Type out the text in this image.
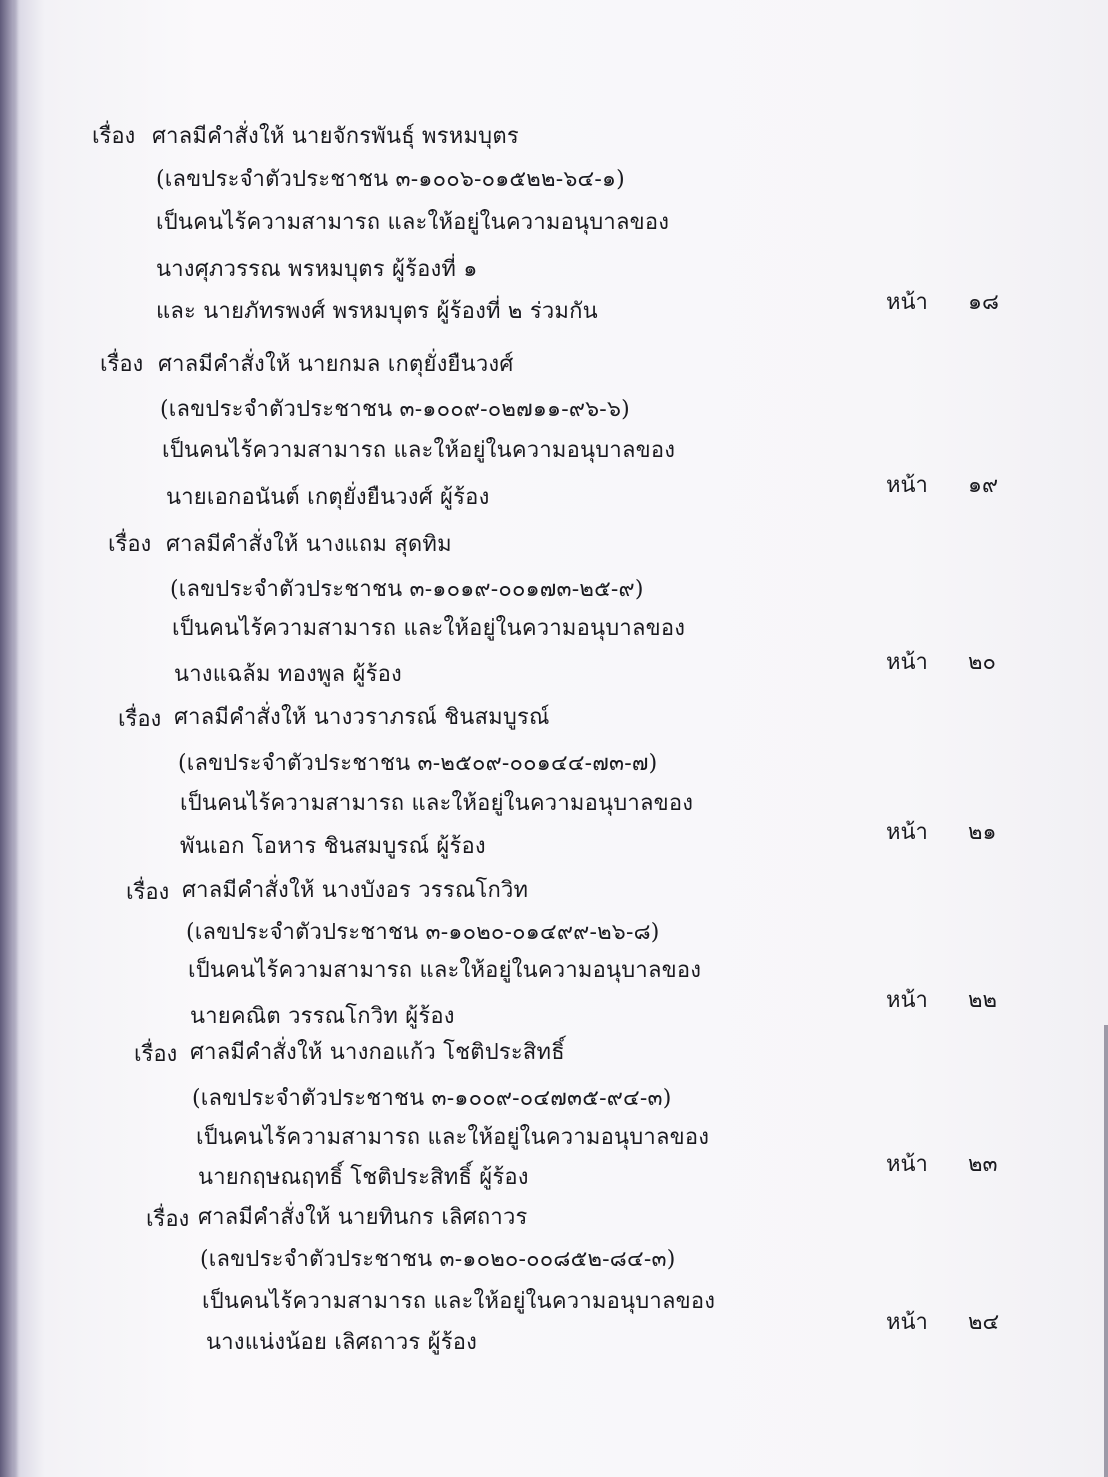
เรื่อง ศาลมีคำสั่งให้ นายจักรพันธุ์ พรหมบุตร
(เลขประจำตัวประชาชน ๓-๑๐๐๖-๐๑๕๒๒-๖๔-๑)
เป็นคนไร้ความสามารถ และให้อยู่ในความอนุบาลของ
นางศุภวรรณ พรหมบุตร ผู้ร้องที่ ๑
และ นายภัทรพงศ์ พรหมบุตร ผู้ร้องที่ ๒ ร่วมกัน	หน้า ๑๘
เรื่อง ศาลมีคำสั่งให้ นายกมล เกตุยั่งยืนวงศ์
(เลขประจำตัวประชาชน ๓-๑๐๐๙-๐๒๗๑๑-๙๖-๖)
เป็นคนไร้ความสามารถ และให้อยู่ในความอนุบาลของ
นายเอกอนันต์ เกตุยั่งยืนวงศ์ ผู้ร้อง	หน้า ๑๙
เรื่อง ศาลมีคำสั่งให้ นางแถม สุดทิม
(เลขประจำตัวประชาชน ๓-๑๐๑๙-๐๐๑๗๓-๒๕-๙)
เป็นคนไร้ความสามารถ และให้อยู่ในความอนุบาลของ
นางแฉล้ม ทองพูล ผู้ร้อง	หน้า ๒๐
เรื่อง ศาลมีคำสั่งให้ นางวราภรณ์ ชินสมบูรณ์
(เลขประจำตัวประชาชน ๓-๒๕๐๙-๐๐๑๔๔-๗๓-๗)
เป็นคนไร้ความสามารถ และให้อยู่ในความอนุบาลของ
พันเอก โอหาร ชินสมบูรณ์ ผู้ร้อง
หน้า ๒๑
เรื่อง ศาลมีคำสั่งให้ นางบังอร วรรณโกวิท
(เลขประจำตัวประชาชน ๓-๑๐๒๐-๐๑๔๙๙-๒๖-๘)
เป็นคนไร้ความสามารถ และให้อยู่ในความอนุบาลของ
นายคณิต วรรณโกวิท ผู้ร้อง
หน้า ๒๒
เรื่อง ศาลมีคำสั่งให้ นางกอแก้ว โชติประสิทธิ์
(เลขประจำตัวประชาชน ๓-๑๐๐๙-๐๔๗๓๕-๙๔-๓)
เป็นคนไร้ความสามารถ และให้อยู่ในความอนุบาลของ
นายกฤษณฤทธิ์ โชติประสิทธิ์ ผู้ร้อง
หน้า ๒๓
เรื่อง ศาลมีคำสั่งให้ นายทินกร เลิศถาวร
(เลขประจำตัวประชาชน ๓-๑๐๒๐-๐๐๘๕๒-๘๔-๓)
เป็นคนไร้ความสามารถ และให้อยู่ในความอนุบาลของ
นางแน่งน้อย เลิศถาวร ผู้ร้อง
หน้า ๒๔
